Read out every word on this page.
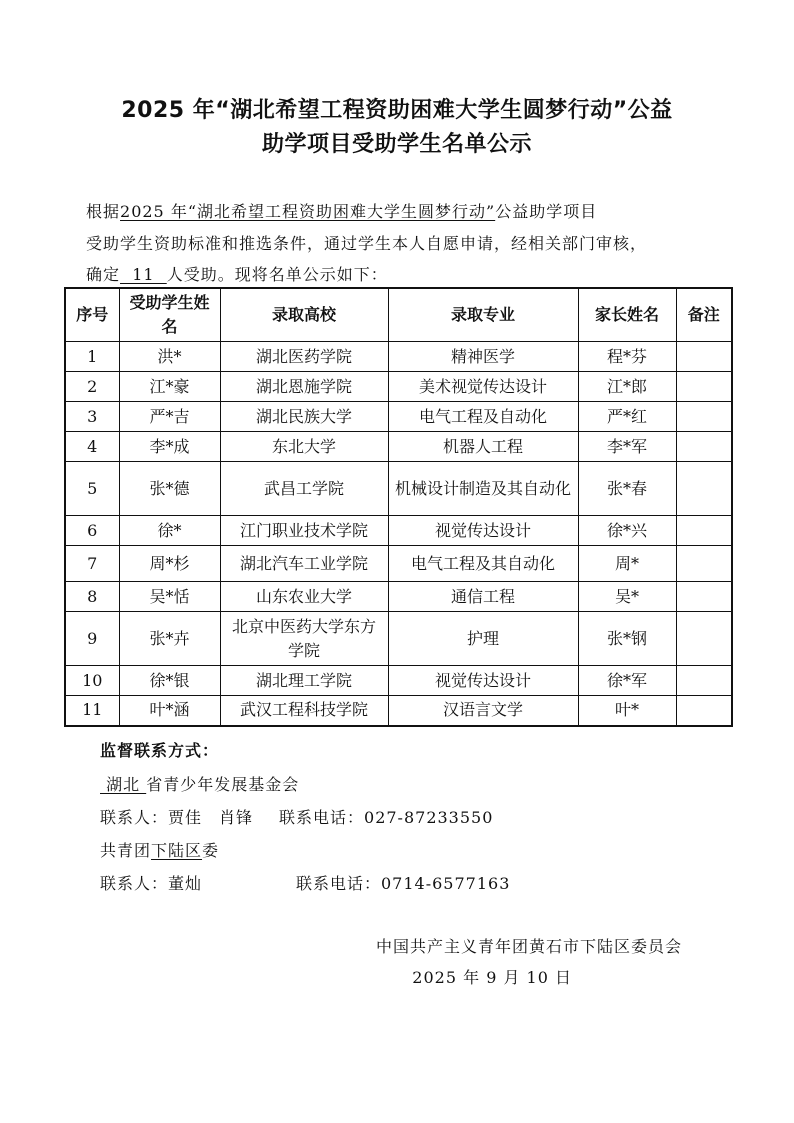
2025 年“湖北希望工程资助困难大学生圆梦行动”公益
助学项目受助学生名单公示
根据2025 年“湖北希望工程资助困难大学生圆梦行动”公益助学项目
受助学生资助标准和推选条件，通过学生本人自愿申请，经相关部门审核，
确定  11  人受助。现将名单公示如下：
序号	受助学生姓名	录取高校	录取专业	家长姓名	备注
1	洪*	湖北医药学院	精神医学	程*芬	
2	江*豪	湖北恩施学院	美术视觉传达设计	江*郎	
3	严*吉	湖北民族大学	电气工程及自动化	严*红	
4	李*成	东北大学	机器人工程	李*军	
5	张*德	武昌工学院	机械设计制造及其自动化	张*春	
6	徐*	江门职业技术学院	视觉传达设计	徐*兴	
7	周*杉	湖北汽车工业学院	电气工程及其自动化	周*	
8	吴*恬	山东农业大学	通信工程	吴*	
9	张*卉	北京中医药大学东方学院	护理	张*钢	
10	徐*银	湖北理工学院	视觉传达设计	徐*军	
11	叶*涵	武汉工程科技学院	汉语言文学	叶*	
监督联系方式：
湖北 省青少年发展基金会
联系人：贾佳　肖锋 联系电话：027-87233550
共青团下陆区委
联系人：董灿	联系电话：0714-6577163
中国共产主义青年团黄石市下陆区委员会
2025 年 9 月 10 日
